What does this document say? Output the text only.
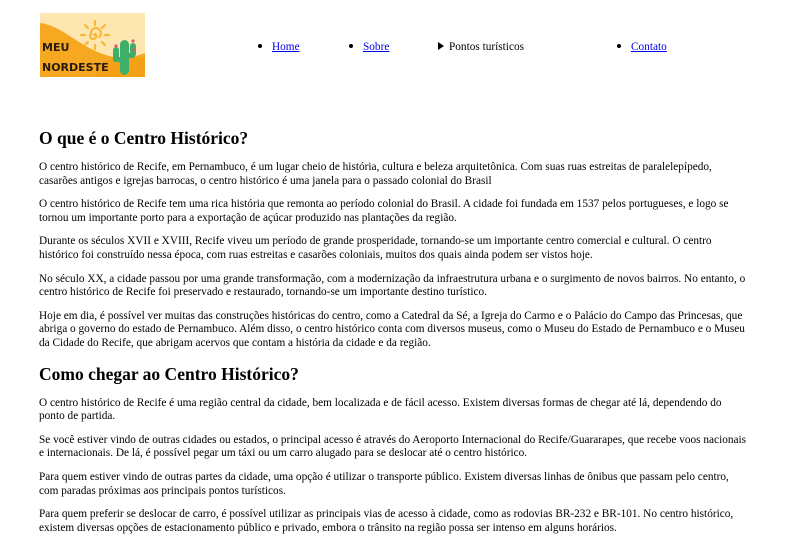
MEU
NORDESTE
Home	Sobre	Pontos turísticos	Contato
O que é o Centro Histórico?

O centro histórico de Recife, em Pernambuco, é um lugar cheio de história, cultura e beleza arquitetônica. Com suas ruas estreitas de paralelepípedo, casarões antigos e igrejas barrocas, o centro histórico é uma janela para o passado colonial do Brasil

O centro histórico de Recife tem uma rica história que remonta ao período colonial do Brasil. A cidade foi fundada em 1537 pelos portugueses, e logo se tornou um importante porto para a exportação de açúcar produzido nas plantações da região.

Durante os séculos XVII e XVIII, Recife viveu um período de grande prosperidade, tornando-se um importante centro comercial e cultural. O centro histórico foi construído nessa época, com ruas estreitas e casarões coloniais, muitos dos quais ainda podem ser vistos hoje.

No século XX, a cidade passou por uma grande transformação, com a modernização da infraestrutura urbana e o surgimento de novos bairros. No entanto, o centro histórico de Recife foi preservado e restaurado, tornando-se um importante destino turístico.

Hoje em dia, é possível ver muitas das construções históricas do centro, como a Catedral da Sé, a Igreja do Carmo e o Palácio do Campo das Princesas, que abriga o governo do estado de Pernambuco. Além disso, o centro histórico conta com diversos museus, como o Museu do Estado de Pernambuco e o Museu da Cidade do Recife, que abrigam acervos que contam a história da cidade e da região.

Como chegar ao Centro Histórico?

O centro histórico de Recife é uma região central da cidade, bem localizada e de fácil acesso. Existem diversas formas de chegar até lá, dependendo do ponto de partida.

Se você estiver vindo de outras cidades ou estados, o principal acesso é através do Aeroporto Internacional do Recife/Guararapes, que recebe voos nacionais e internacionais. De lá, é possível pegar um táxi ou um carro alugado para se deslocar até o centro histórico.

Para quem estiver vindo de outras partes da cidade, uma opção é utilizar o transporte público. Existem diversas linhas de ônibus que passam pelo centro, com paradas próximas aos principais pontos turísticos.

Para quem preferir se deslocar de carro, é possível utilizar as principais vias de acesso à cidade, como as rodovias BR-232 e BR-101. No centro histórico, existem diversas opções de estacionamento público e privado, embora o trânsito na região possa ser intenso em alguns horários.
